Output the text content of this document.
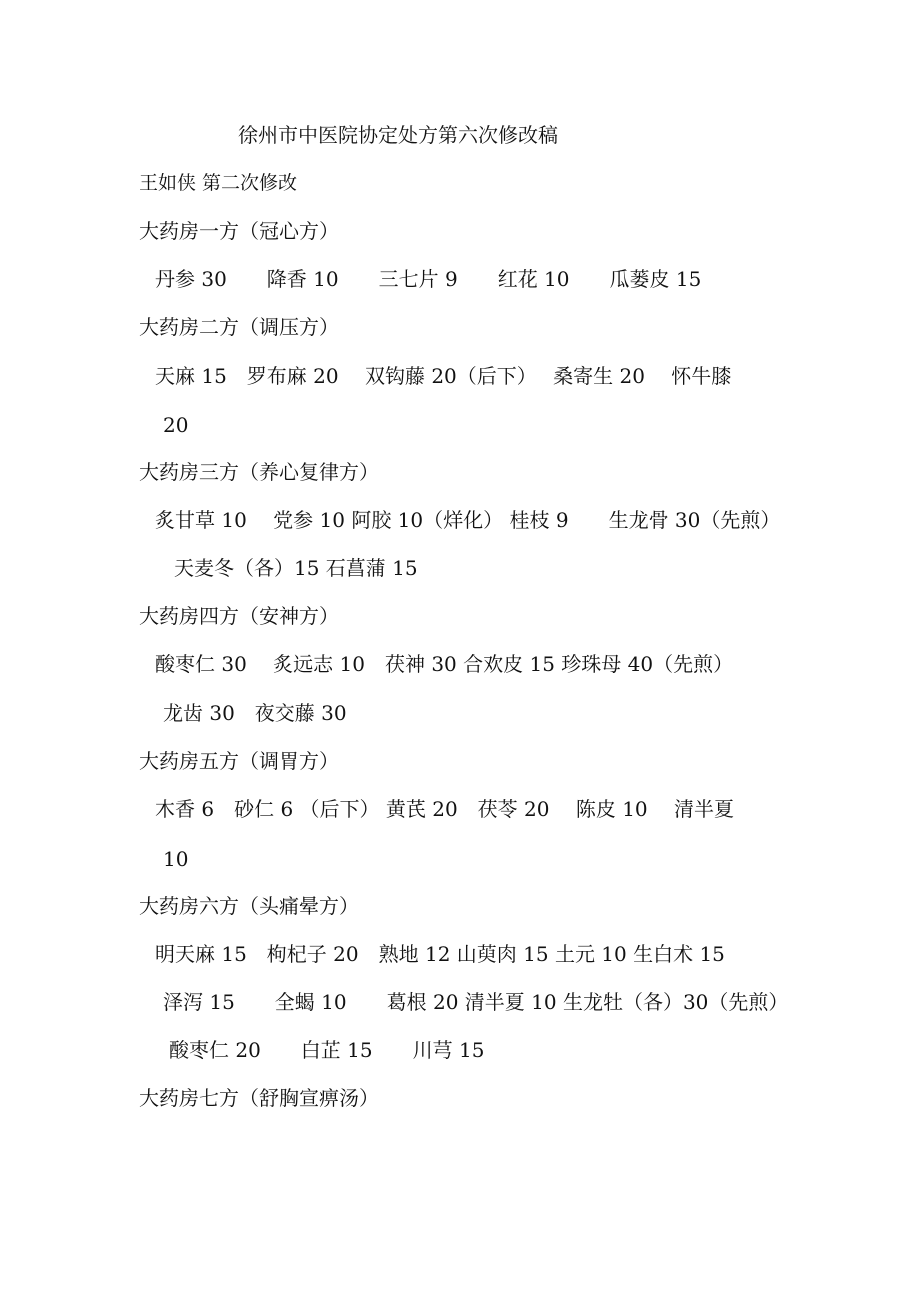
徐州市中医院协定处方第六次修改稿
王如侠 第二次修改
大药房一方（冠心方）
丹参 30　　降香 10　　三七片 9　　红花 10　　瓜蒌皮 15
大药房二方（调压方）
天麻 15　罗布麻 20　 双钩藤 20（后下）　 桑寄生 20　 怀牛膝
20
大药房三方（养心复律方）
炙甘草 10　 党参 10 阿胶 10（烊化） 桂枝 9　　生龙骨 30（先煎）
天麦冬（各）15 石菖蒲 15
大药房四方（安神方）
酸枣仁 30　 炙远志 10　茯神 30 合欢皮 15 珍珠母 40（先煎）
龙齿 30　夜交藤 30
大药房五方（调胃方）
木香 6　砂仁 6 （后下） 黄芪 20　茯苓 20　 陈皮 10　 清半夏
10
大药房六方（头痛晕方）
明天麻 15　枸杞子 20　熟地 12 山萸肉 15 土元 10 生白术 15
泽泻 15　　全蝎 10　　葛根 20 清半夏 10 生龙牡（各）30（先煎）
酸枣仁 20　　白芷 15　　川芎 15
大药房七方（舒胸宣痹汤）
